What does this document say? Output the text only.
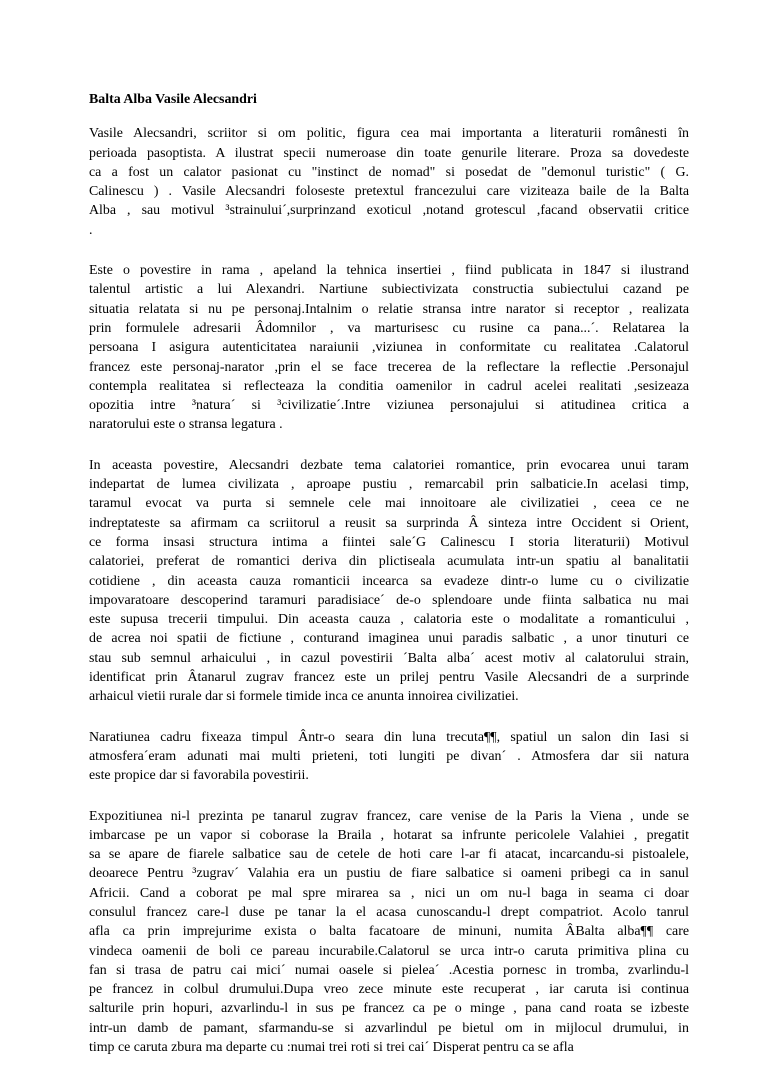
Balta Alba Vasile Alecsandri
Vasile Alecsandri, scriitor si om politic, figura cea mai importanta a literaturii românesti în
perioada pasoptista. A ilustrat specii numeroase din toate genurile literare. Proza sa dovedeste
ca a fost un calator pasionat cu "instinct de nomad" si posedat de "demonul turistic" ( G.
Calinescu ) . Vasile Alecsandri foloseste pretextul francezului care viziteaza baile de la Balta
Alba , sau motivul ³strainului´,surprinzand exoticul ,notand grotescul ,facand observatii critice
.
Este o povestire in rama , apeland la tehnica insertiei , fiind publicata in 1847 si ilustrand
talentul artistic a lui Alexandri. Nartiune subiectivizata constructia subiectului cazand pe
situatia relatata si nu pe personaj.Intalnim o relatie stransa intre narator si receptor , realizata
prin formulele adresarii Âdomnilor , va marturisesc cu rusine ca pana...´. Relatarea la
persoana I asigura autenticitatea naraiunii ,viziunea in conformitate cu realitatea .Calatorul
francez este personaj-narator ,prin el se face trecerea de la reflectare la reflectie .Personajul
contempla realitatea si reflecteaza la conditia oamenilor in cadrul acelei realitati ,sesizeaza
opozitia intre ³natura´ si ³civilizatie´.Intre viziunea personajului si atitudinea critica a
naratorului este o stransa legatura .
In aceasta povestire, Alecsandri dezbate tema calatoriei romantice, prin evocarea unui taram
indepartat de lumea civilizata , aproape pustiu , remarcabil prin salbaticie.In acelasi timp,
taramul evocat va purta si semnele cele mai innoitoare ale civilizatiei , ceea ce ne
indreptateste sa afirmam ca scriitorul a reusit sa surprinda Â sinteza intre Occident si Orient,
ce forma insasi structura intima a fiintei sale´G Calinescu I storia literaturii) Motivul
calatoriei, preferat de romantici deriva din plictiseala acumulata intr-un spatiu al banalitatii
cotidiene , din aceasta cauza romanticii incearca sa evadeze dintr-o lume cu o civilizatie
impovaratoare descoperind taramuri paradisiace´ de-o splendoare unde fiinta salbatica nu mai
este supusa trecerii timpului. Din aceasta cauza , calatoria este o modalitate a romanticului ,
de acrea noi spatii de fictiune , conturand imaginea unui paradis salbatic , a unor tinuturi ce
stau sub semnul arhaicului , in cazul povestirii ´Balta alba´ acest motiv al calatorului strain,
identificat prin Âtanarul zugrav francez este un prilej pentru Vasile Alecsandri de a surprinde
arhaicul vietii rurale dar si formele timide inca ce anunta innoirea civilizatiei.
Naratiunea cadru fixeaza timpul Ântr-o seara din luna trecuta¶¶, spatiul un salon din Iasi si
atmosfera´eram adunati mai multi prieteni, toti lungiti pe divan´ . Atmosfera dar sii natura
este propice dar si favorabila povestirii.
Expozitiunea ni-l prezinta pe tanarul zugrav francez, care venise de la Paris la Viena , unde se
imbarcase pe un vapor si coborase la Braila , hotarat sa infrunte pericolele Valahiei , pregatit
sa se apare de fiarele salbatice sau de cetele de hoti care l-ar fi atacat, incarcandu-si pistoalele,
deoarece Pentru ³zugrav´ Valahia era un pustiu de fiare salbatice si oameni pribegi ca in sanul
Africii. Cand a coborat pe mal spre mirarea sa , nici un om nu-l baga in seama ci doar
consulul francez care-l duse pe tanar la el acasa cunoscandu-l drept compatriot. Acolo tanrul
afla ca prin imprejurime exista o balta facatoare de minuni, numita ÂBalta alba¶¶ care
vindeca oamenii de boli ce pareau incurabile.Calatorul se urca intr-o caruta primitiva plina cu
fan si trasa de patru cai mici´ numai oasele si pielea´ .Acestia pornesc in tromba, zvarlindu-l
pe francez in colbul drumului.Dupa vreo zece minute este recuperat , iar caruta isi continua
salturile prin hopuri, azvarlindu-l in sus pe francez ca pe o minge , pana cand roata se izbeste
intr-un damb de pamant, sfarmandu-se si azvarlindul pe bietul om in mijlocul drumului, in
timp ce caruta zbura ma departe cu :numai trei roti si trei cai´ Disperat pentru ca se afla
